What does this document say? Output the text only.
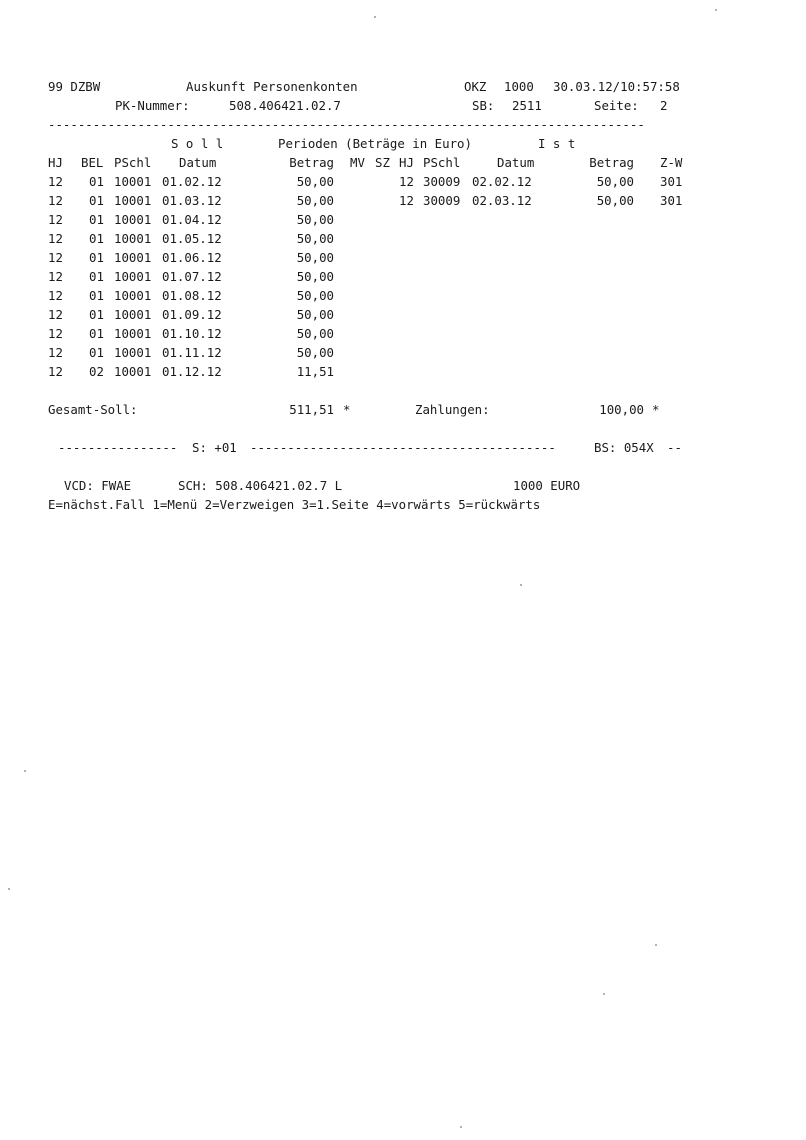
99 DZBW	Auskunft Personenkonten	OKZ 1000 30.03.12/10:57:58
PK-Nummer:	508.406421.02.7	SB: 2511	Seite: 2
--------------------------------------------------------------------------------
S o l l	Perioden (Beträge in Euro)	I s t
HJ BEL PSchl Datum	Betrag MV SZ HJ PSchl	Datum	Betrag Z-W
12 01 10001 01.02.12	50,00	12 30009 02.02.12	50,00 301
12 01 10001 01.03.12	50,00	12 30009 02.03.12	50,00 301
12 01 10001 01.04.12	50,00
12 01 10001 01.05.12	50,00
12 01 10001 01.06.12	50,00
12 01 10001 01.07.12	50,00
12 01 10001 01.08.12	50,00
12 01 10001 01.09.12	50,00
12 01 10001 01.10.12	50,00
12 01 10001 01.11.12	50,00
12 02 10001 01.12.12	11,51
Gesamt-Soll:	511,51 *	Zahlungen:	100,00 *
---------------- S: +01 -----------------------------------------	BS: 054X --
VCD: FWAE	SCH: 508.406421.02.7 L	1000 EURO
E=nächst.Fall 1=Menü 2=Verzweigen 3=1.Seite 4=vorwärts 5=rückwärts
